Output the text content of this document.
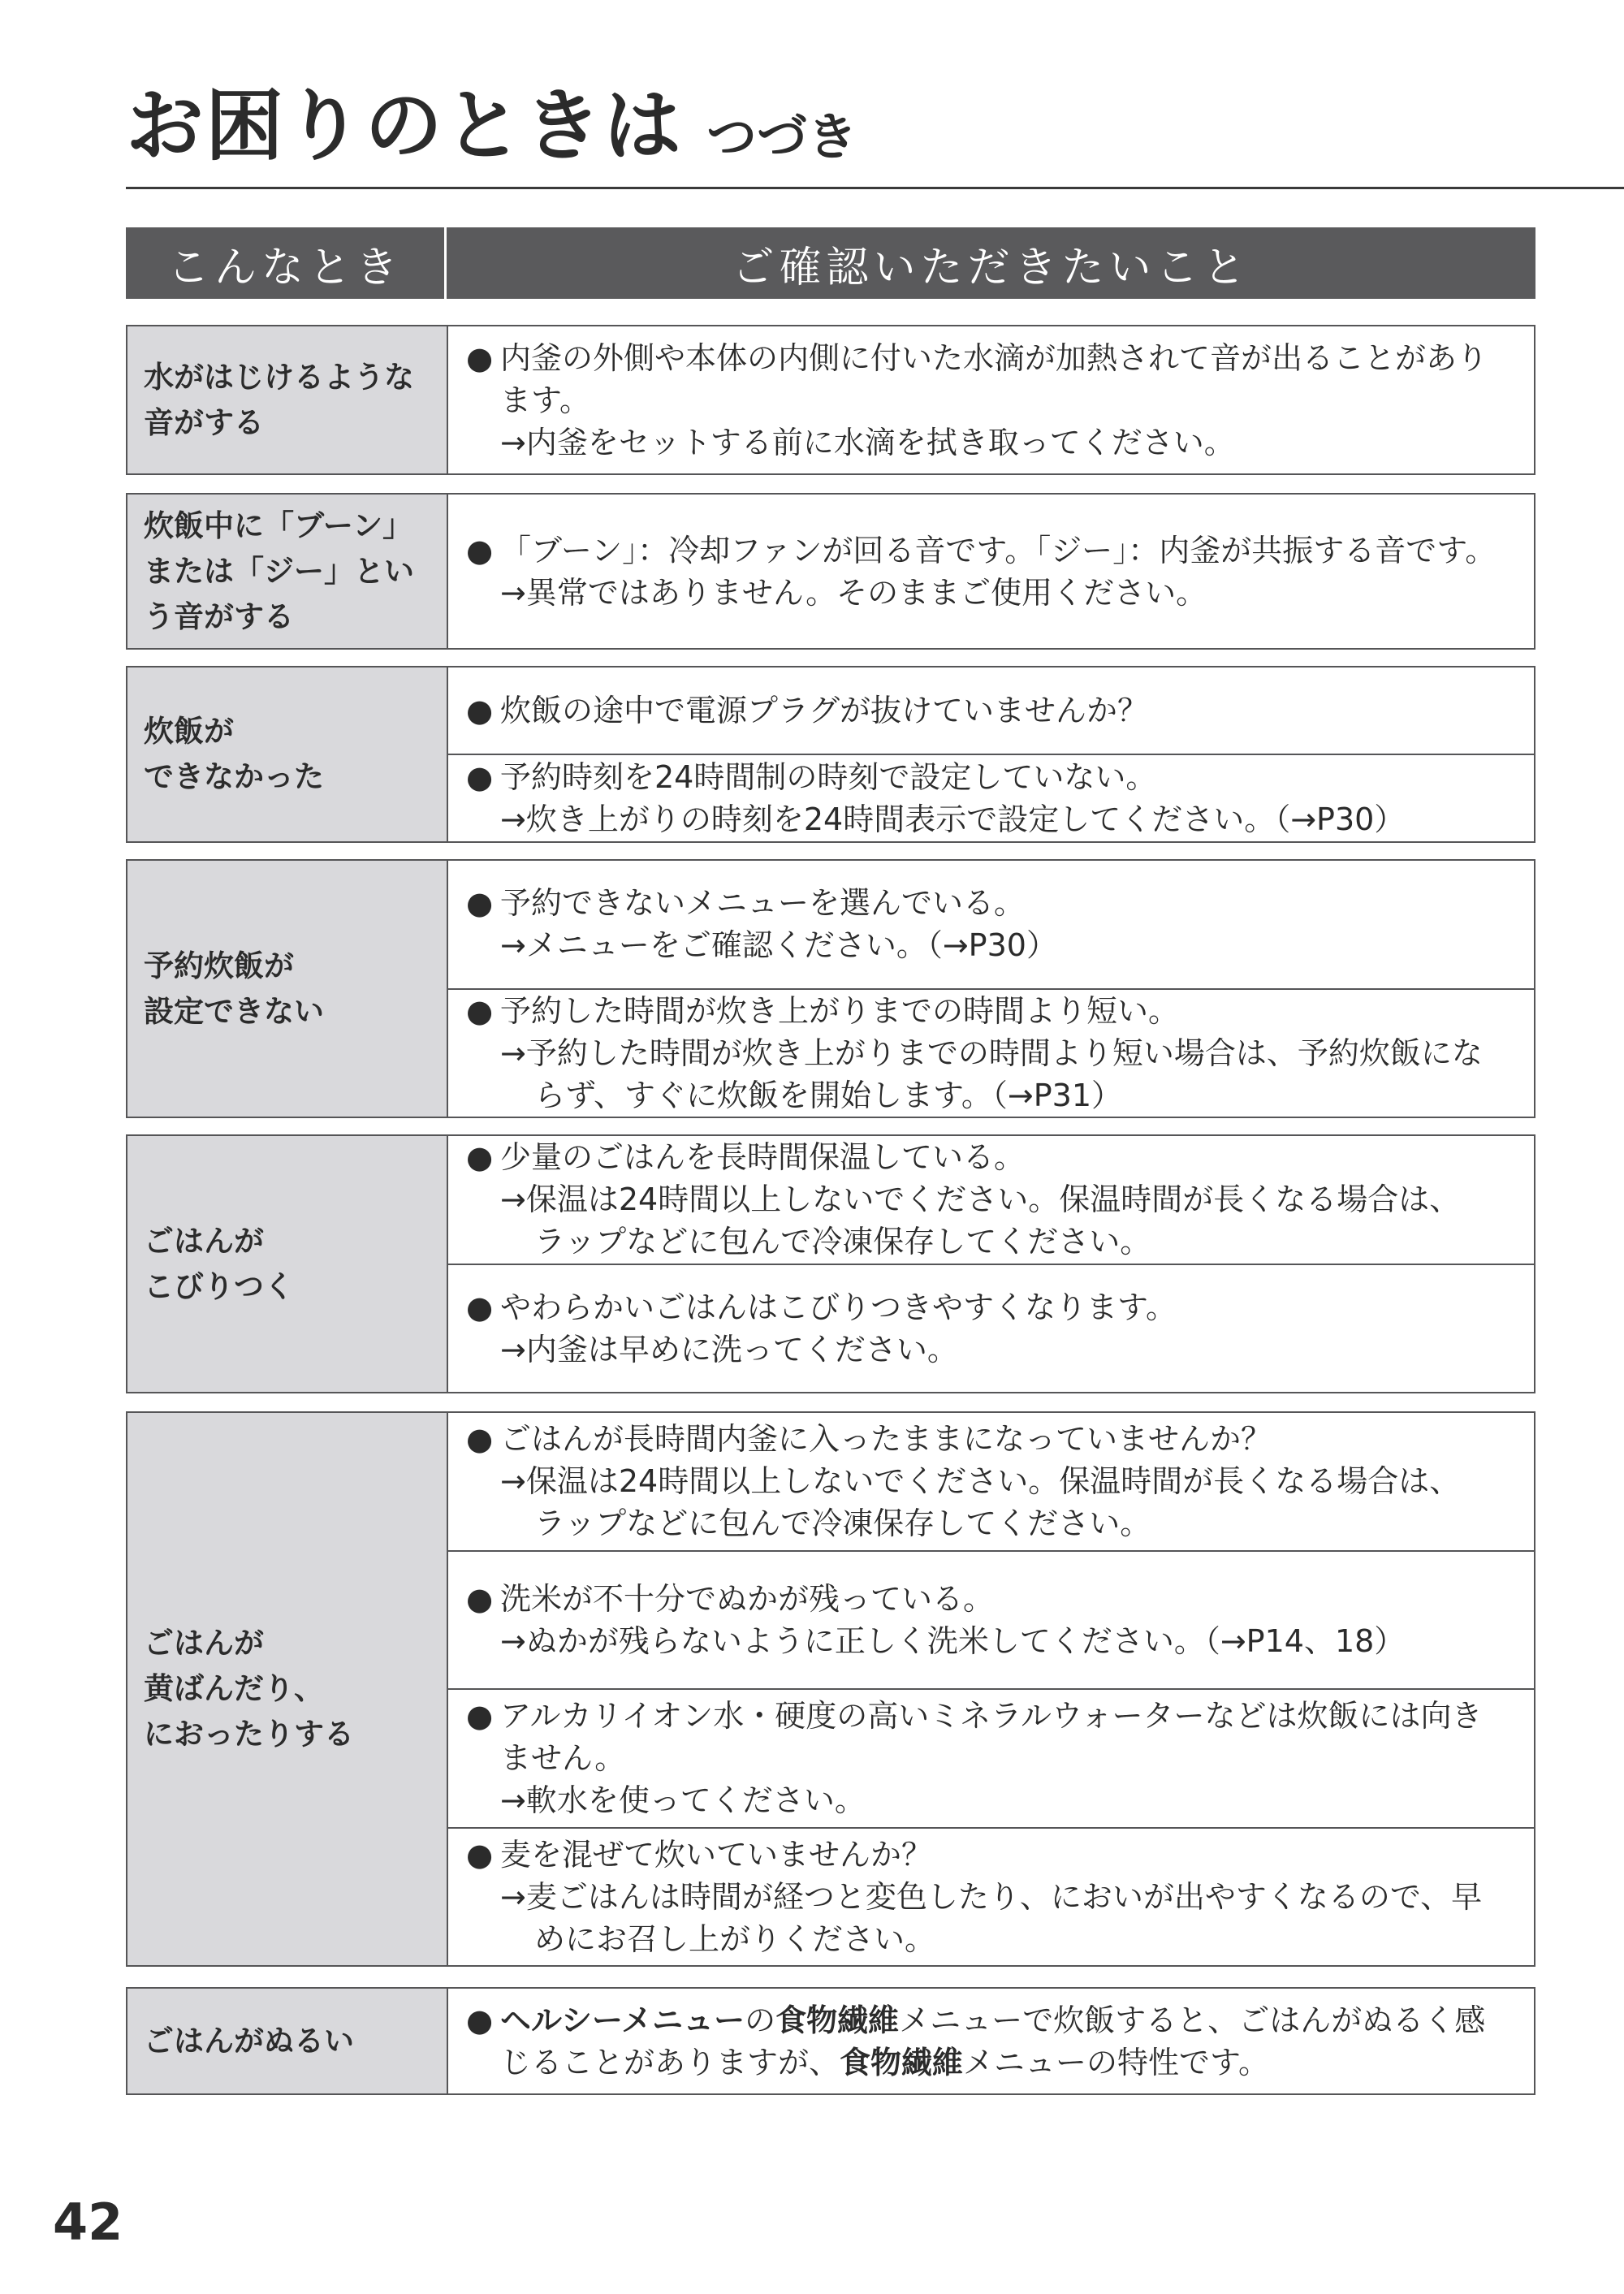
お困りのときは つづき
こんなとき	ご確認いただきたいこと
水がはじけるような
音がする
● 内釜の外側や本体の内側に付いた水滴が加熱されて音が出ることがあり
ます。
→内釜をセットする前に水滴を拭き取ってください。
炊飯中に「ブーン」
または「ジー」とい
う音がする
● 「ブーン」：冷却ファンが回る音です。「ジー」：内釜が共振する音です。
→異常ではありません。そのままご使用ください。
炊飯が
できなかった
● 炊飯の途中で電源プラグが抜けていませんか？
● 予約時刻を24時間制の時刻で設定していない。
→炊き上がりの時刻を24時間表示で設定してください。（→P30）
予約炊飯が
設定できない
● 予約できないメニューを選んでいる。
→メニューをご確認ください。（→P30）
● 予約した時間が炊き上がりまでの時間より短い。
→予約した時間が炊き上がりまでの時間より短い場合は、予約炊飯にな
らず、すぐに炊飯を開始します。（→P31）
ごはんが
こびりつく
● 少量のごはんを長時間保温している。
→保温は24時間以上しないでください。保温時間が長くなる場合は、
ラップなどに包んで冷凍保存してください。
● やわらかいごはんはこびりつきやすくなります。
→内釜は早めに洗ってください。
ごはんが
黄ばんだり、
におったりする
● ごはんが長時間内釜に入ったままになっていませんか？
→保温は24時間以上しないでください。保温時間が長くなる場合は、
ラップなどに包んで冷凍保存してください。
● 洗米が不十分でぬかが残っている。
→ぬかが残らないように正しく洗米してください。（→P14、18）
● アルカリイオン水・硬度の高いミネラルウォーターなどは炊飯には向き
ません。
→軟水を使ってください。
● 麦を混ぜて炊いていませんか？
→麦ごはんは時間が経つと変色したり、においが出やすくなるので、早
めにお召し上がりください。
ごはんがぬるい
● ヘルシーメニューの食物繊維メニューで炊飯すると、ごはんがぬるく感
じることがありますが、食物繊維メニューの特性です。
42
